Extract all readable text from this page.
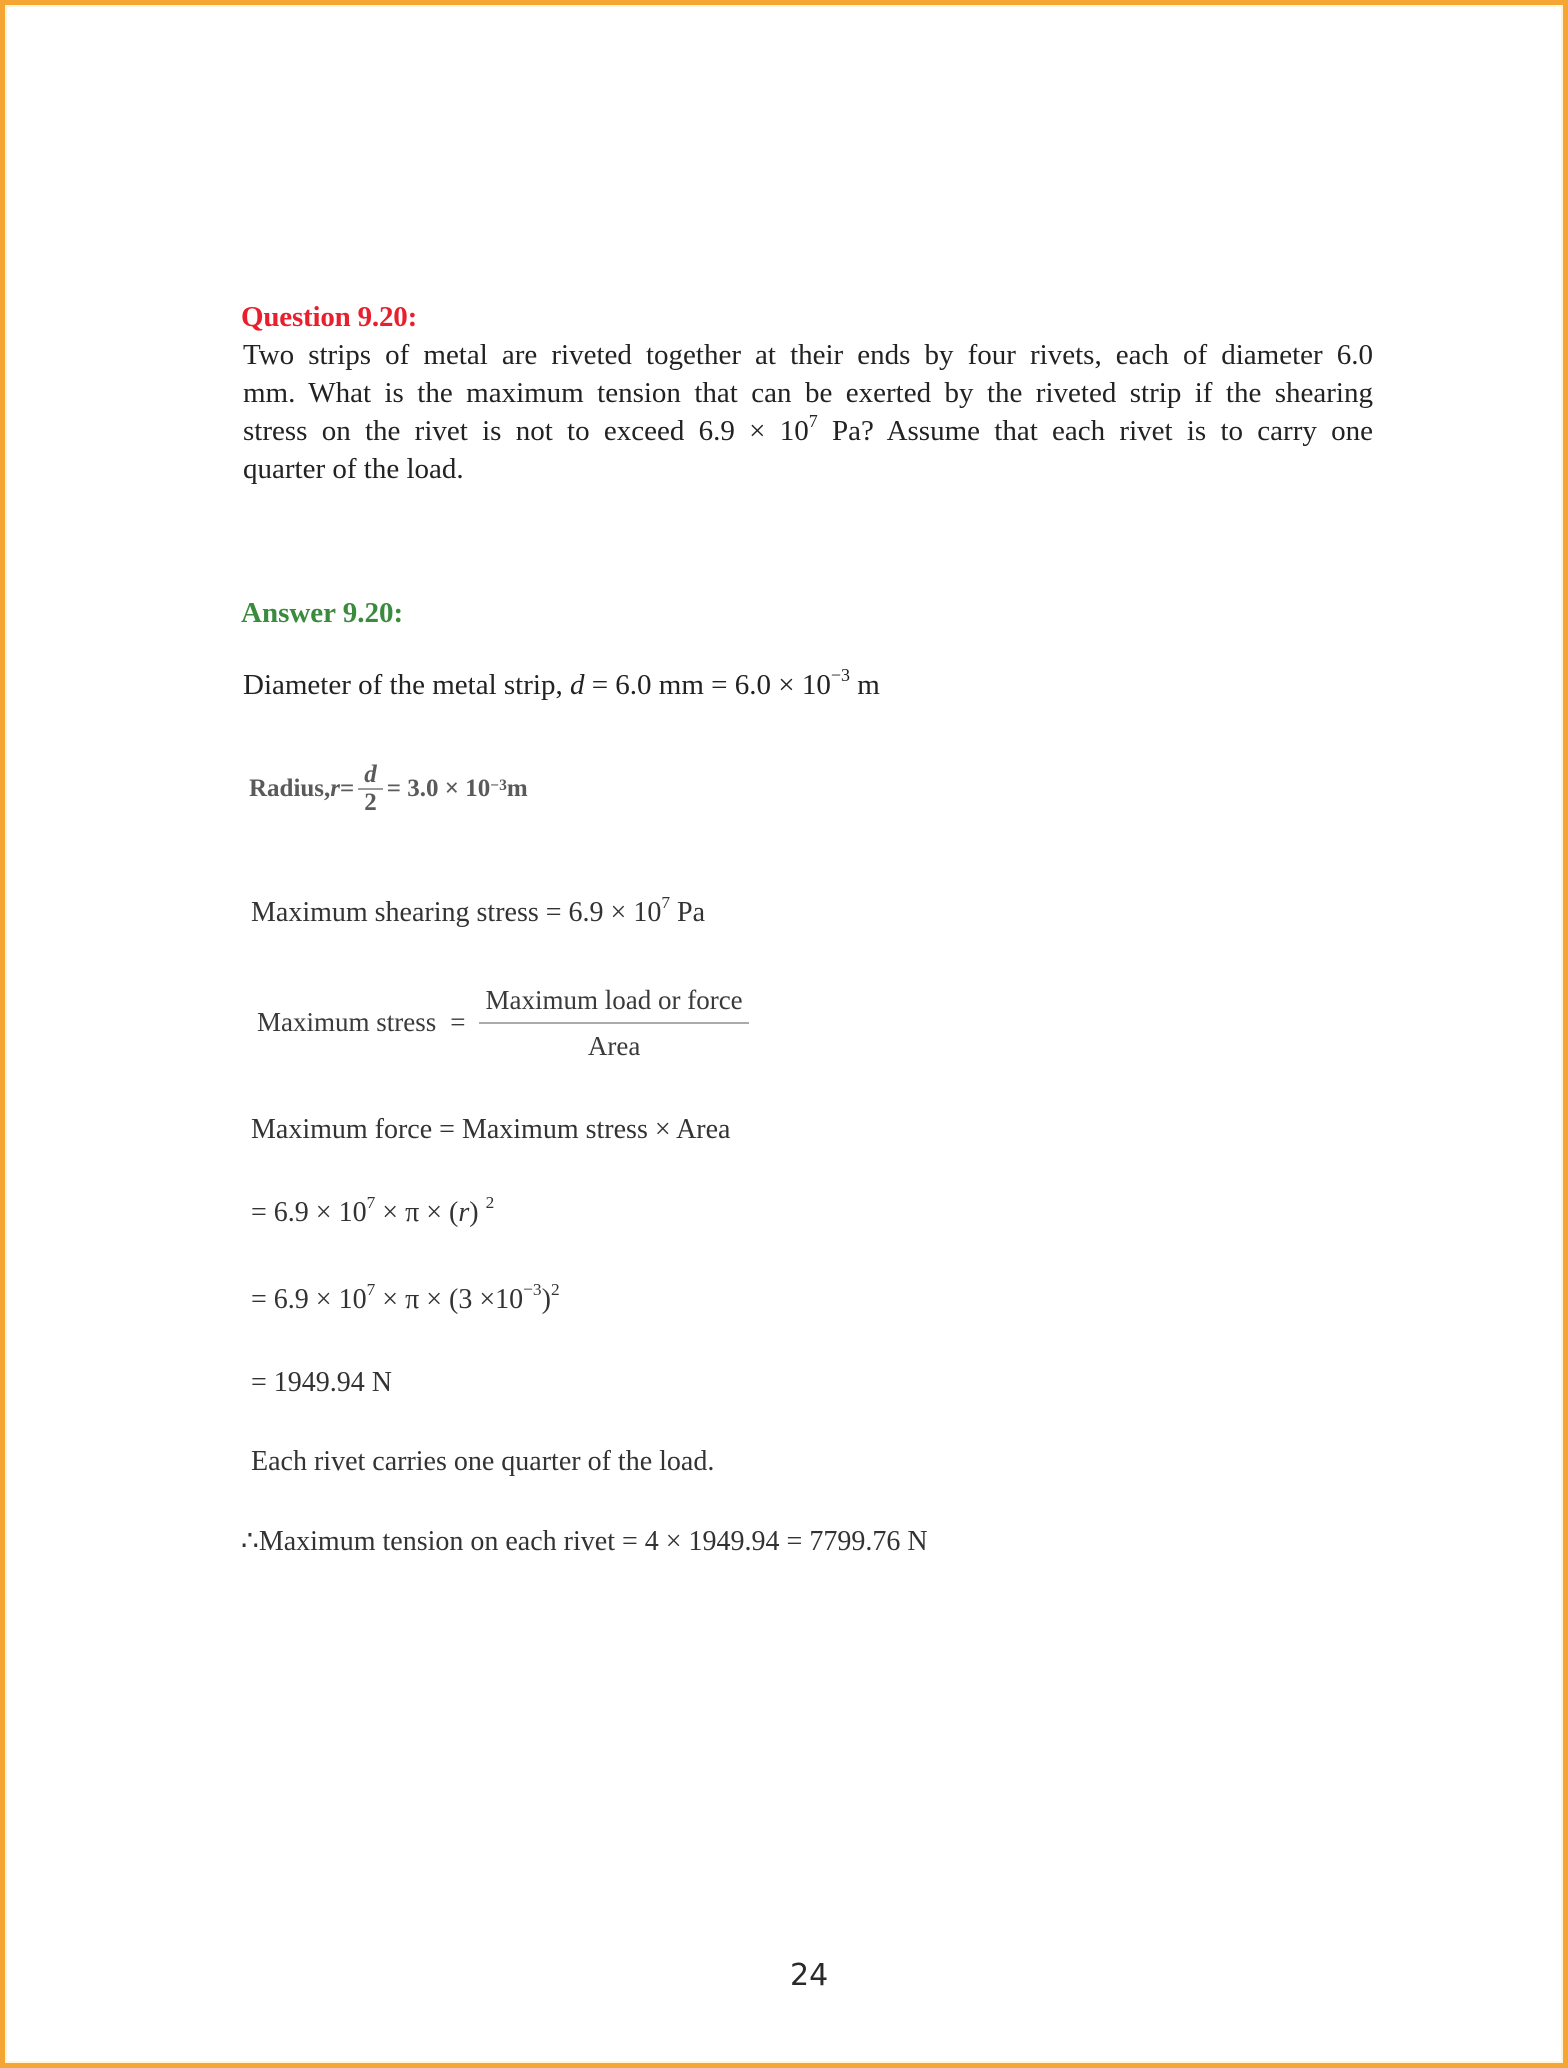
Question 9.20:
Two strips of metal are riveted together at their ends by four rivets, each of diameter 6.0
mm. What is the maximum tension that can be exerted by the riveted strip if the shearing
stress on the rivet is not to exceed $6.9 \times 10^7$ Pa? Assume that each rivet is to carry one
quarter of the load.
Answer 9.20:
Diameter of the metal strip, d = 6.0 mm = $6.0 \times 10^{-3}$ m
Radius, $r = \frac{d}{2} = 3.0 \times 10^{-3}$ m
Maximum shearing stress = $6.9 \times 10^7$ Pa
Maximum stress = $\frac{\text{Maximum load or force}}{\text{Area}}$
Maximum force = Maximum stress × Area
= $6.9 \times 10^7 \times \pi \times (r)$ $^2$
= $6.9 \times 10^7 \times \pi \times (3 \times 10^{-3})^2$
= 1949.94 N
Each rivet carries one quarter of the load.
∴Maximum tension on each rivet = 4 × 1949.94 = 7799.76 N
24
